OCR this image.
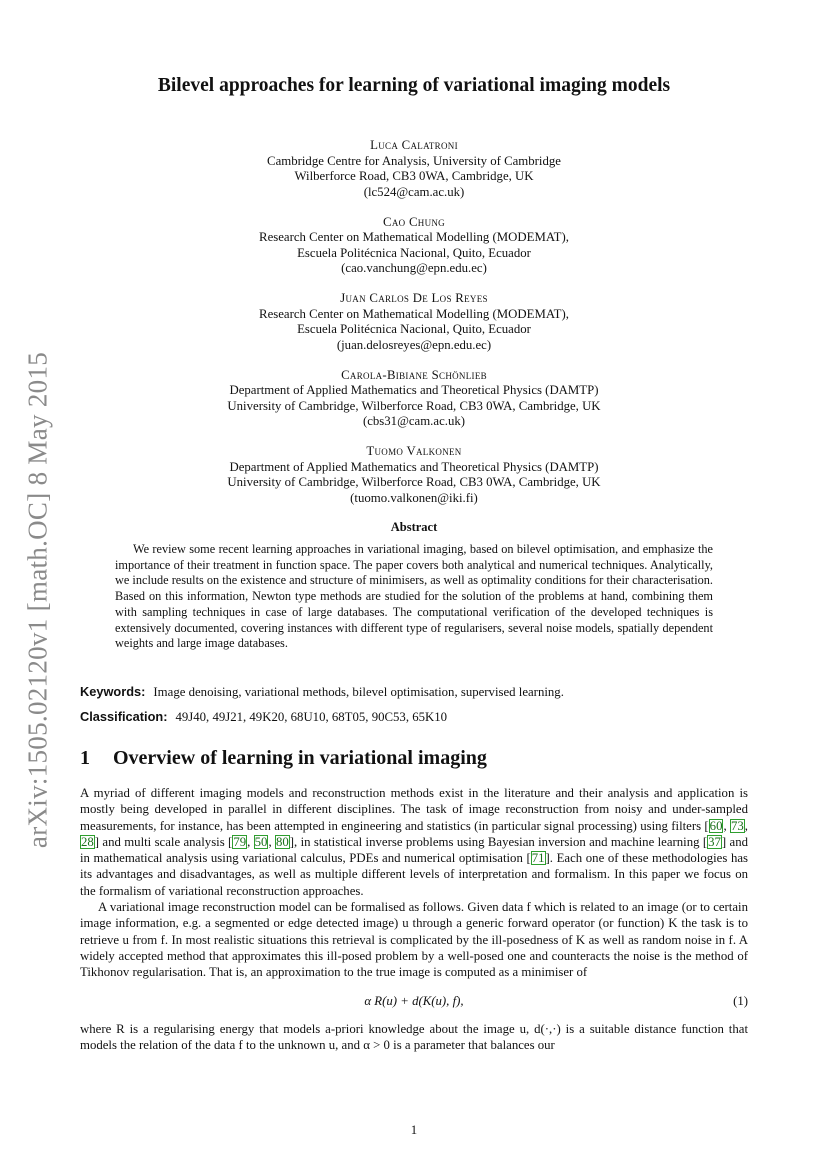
arXiv:1505.02120v1 [math.OC] 8 May 2015
Bilevel approaches for learning of variational imaging models
Luca Calatroni
Cambridge Centre for Analysis, University of Cambridge
Wilberforce Road, CB3 0WA, Cambridge, UK
(lc524@cam.ac.uk)
Cao Chung
Research Center on Mathematical Modelling (MODEMAT),
Escuela Politécnica Nacional, Quito, Ecuador
(cao.vanchung@epn.edu.ec)
Juan Carlos De Los Reyes
Research Center on Mathematical Modelling (MODEMAT),
Escuela Politécnica Nacional, Quito, Ecuador
(juan.delosreyes@epn.edu.ec)
Carola-Bibiane Schönlieb
Department of Applied Mathematics and Theoretical Physics (DAMTP)
University of Cambridge, Wilberforce Road, CB3 0WA, Cambridge, UK
(cbs31@cam.ac.uk)
Tuomo Valkonen
Department of Applied Mathematics and Theoretical Physics (DAMTP)
University of Cambridge, Wilberforce Road, CB3 0WA, Cambridge, UK
(tuomo.valkonen@iki.fi)
Abstract
We review some recent learning approaches in variational imaging, based on bilevel optimisation, and emphasize the importance of their treatment in function space. The paper covers both analytical and numerical techniques. Analytically, we include results on the existence and structure of minimisers, as well as optimality conditions for their characterisation. Based on this information, Newton type methods are studied for the solution of the problems at hand, combining them with sampling techniques in case of large databases. The computational verification of the developed techniques is extensively documented, covering instances with different type of regularisers, several noise models, spatially dependent weights and large image databases.
Keywords: Image denoising, variational methods, bilevel optimisation, supervised learning.
Classification: 49J40, 49J21, 49K20, 68U10, 68T05, 90C53, 65K10
1 Overview of learning in variational imaging

A myriad of different imaging models and reconstruction methods exist in the literature and their analysis and application is mostly being developed in parallel in different disciplines. The task of image reconstruction from noisy and under-sampled measurements, for instance, has been attempted in engineering and statistics (in particular signal processing) using filters [60, 73, 28] and multi scale analysis [79, 50, 80], in statistical inverse problems using Bayesian inversion and machine learning [37] and in mathematical analysis using variational calculus, PDEs and numerical optimisation [71]. Each one of these methodologies has its advantages and disadvantages, as well as multiple different levels of interpretation and formalism. In this paper we focus on the formalism of variational reconstruction approaches.

A variational image reconstruction model can be formalised as follows. Given data f which is related to an image (or to certain image information, e.g. a segmented or edge detected image) u through a generic forward operator (or function) K the task is to retrieve u from f. In most realistic situations this retrieval is complicated by the ill-posedness of K as well as random noise in f. A widely accepted method that approximates this ill-posed problem by a well-posed one and counteracts the noise is the method of Tikhonov regularisation. That is, an approximation to the true image is computed as a minimiser of

α R(u) + d(K(u), f),	(1)

where R is a regularising energy that models a-priori knowledge about the image u, d(·,·) is a suitable distance function that models the relation of the data f to the unknown u, and α > 0 is a parameter that balances our

1
